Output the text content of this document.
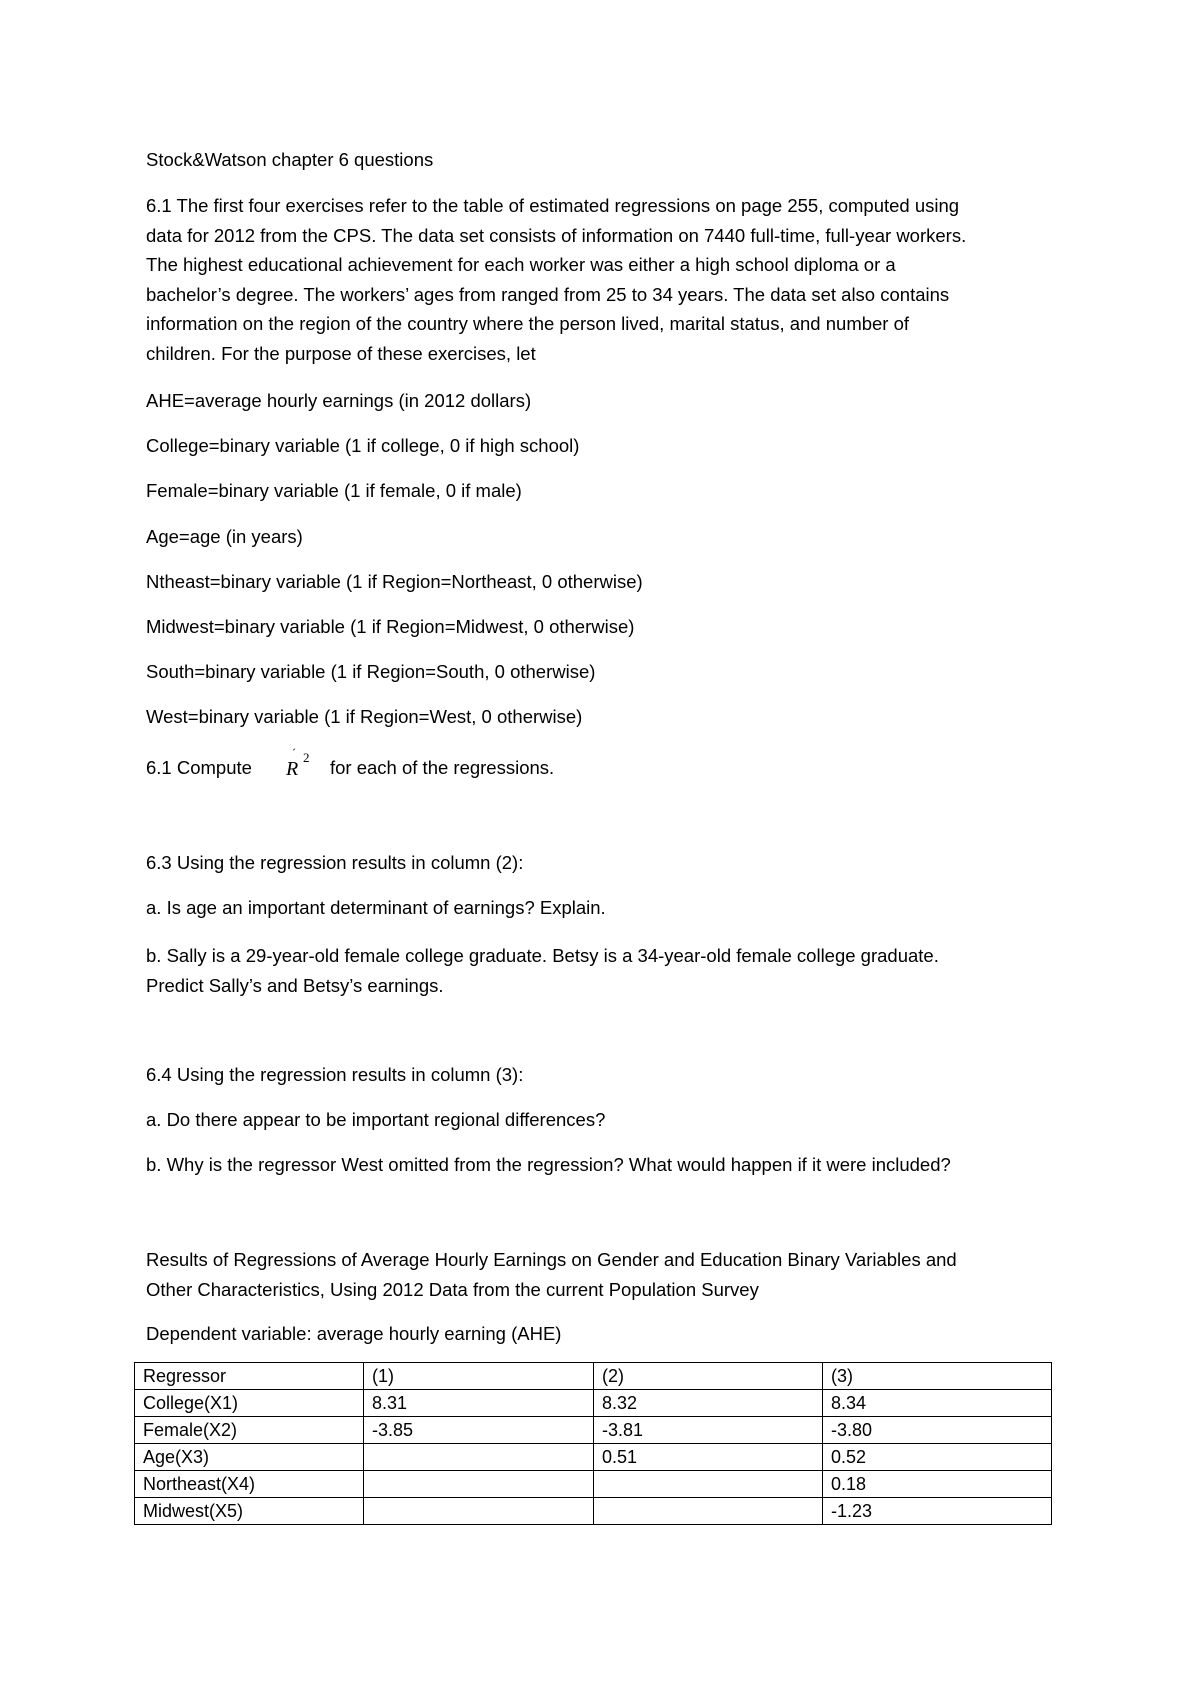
Stock&Watson chapter 6 questions
6.1 The first four exercises refer to the table of estimated regressions on page 255, computed using
data for 2012 from the CPS. The data set consists of information on 7440 full-time, full-year workers.
The highest educational achievement for each worker was either a high school diploma or a
bachelor’s degree. The workers’ ages from ranged from 25 to 34 years. The data set also contains
information on the region of the country where the person lived, marital status, and number of
children. For the purpose of these exercises, let
AHE=average hourly earnings (in 2012 dollars)
College=binary variable (1 if college, 0 if high school)
Female=binary variable (1 if female, 0 if male)
Age=age (in years)
Ntheast=binary variable (1 if Region=Northeast, 0 otherwise)
Midwest=binary variable (1 if Region=Midwest, 0 otherwise)
South=binary variable (1 if Region=South, 0 otherwise)
West=binary variable (1 if Region=West, 0 otherwise)
6.1 Compute R
´ 2 for each of the regressions.
6.3 Using the regression results in column (2):
a. Is age an important determinant of earnings? Explain.
b. Sally is a 29-year-old female college graduate. Betsy is a 34-year-old female college graduate.
Predict Sally’s and Betsy’s earnings.
6.4 Using the regression results in column (3):
a. Do there appear to be important regional differences?
b. Why is the regressor West omitted from the regression? What would happen if it were included?
Results of Regressions of Average Hourly Earnings on Gender and Education Binary Variables and
Other Characteristics, Using 2012 Data from the current Population Survey
Dependent variable: average hourly earning (AHE)
Regressor	(1)	(2)	(3)
College(X1)	8.31	8.32	8.34
Female(X2)	-3.85	-3.81	-3.80
Age(X3)		0.51	0.52
Northeast(X4)			0.18
Midwest(X5)			-1.23
